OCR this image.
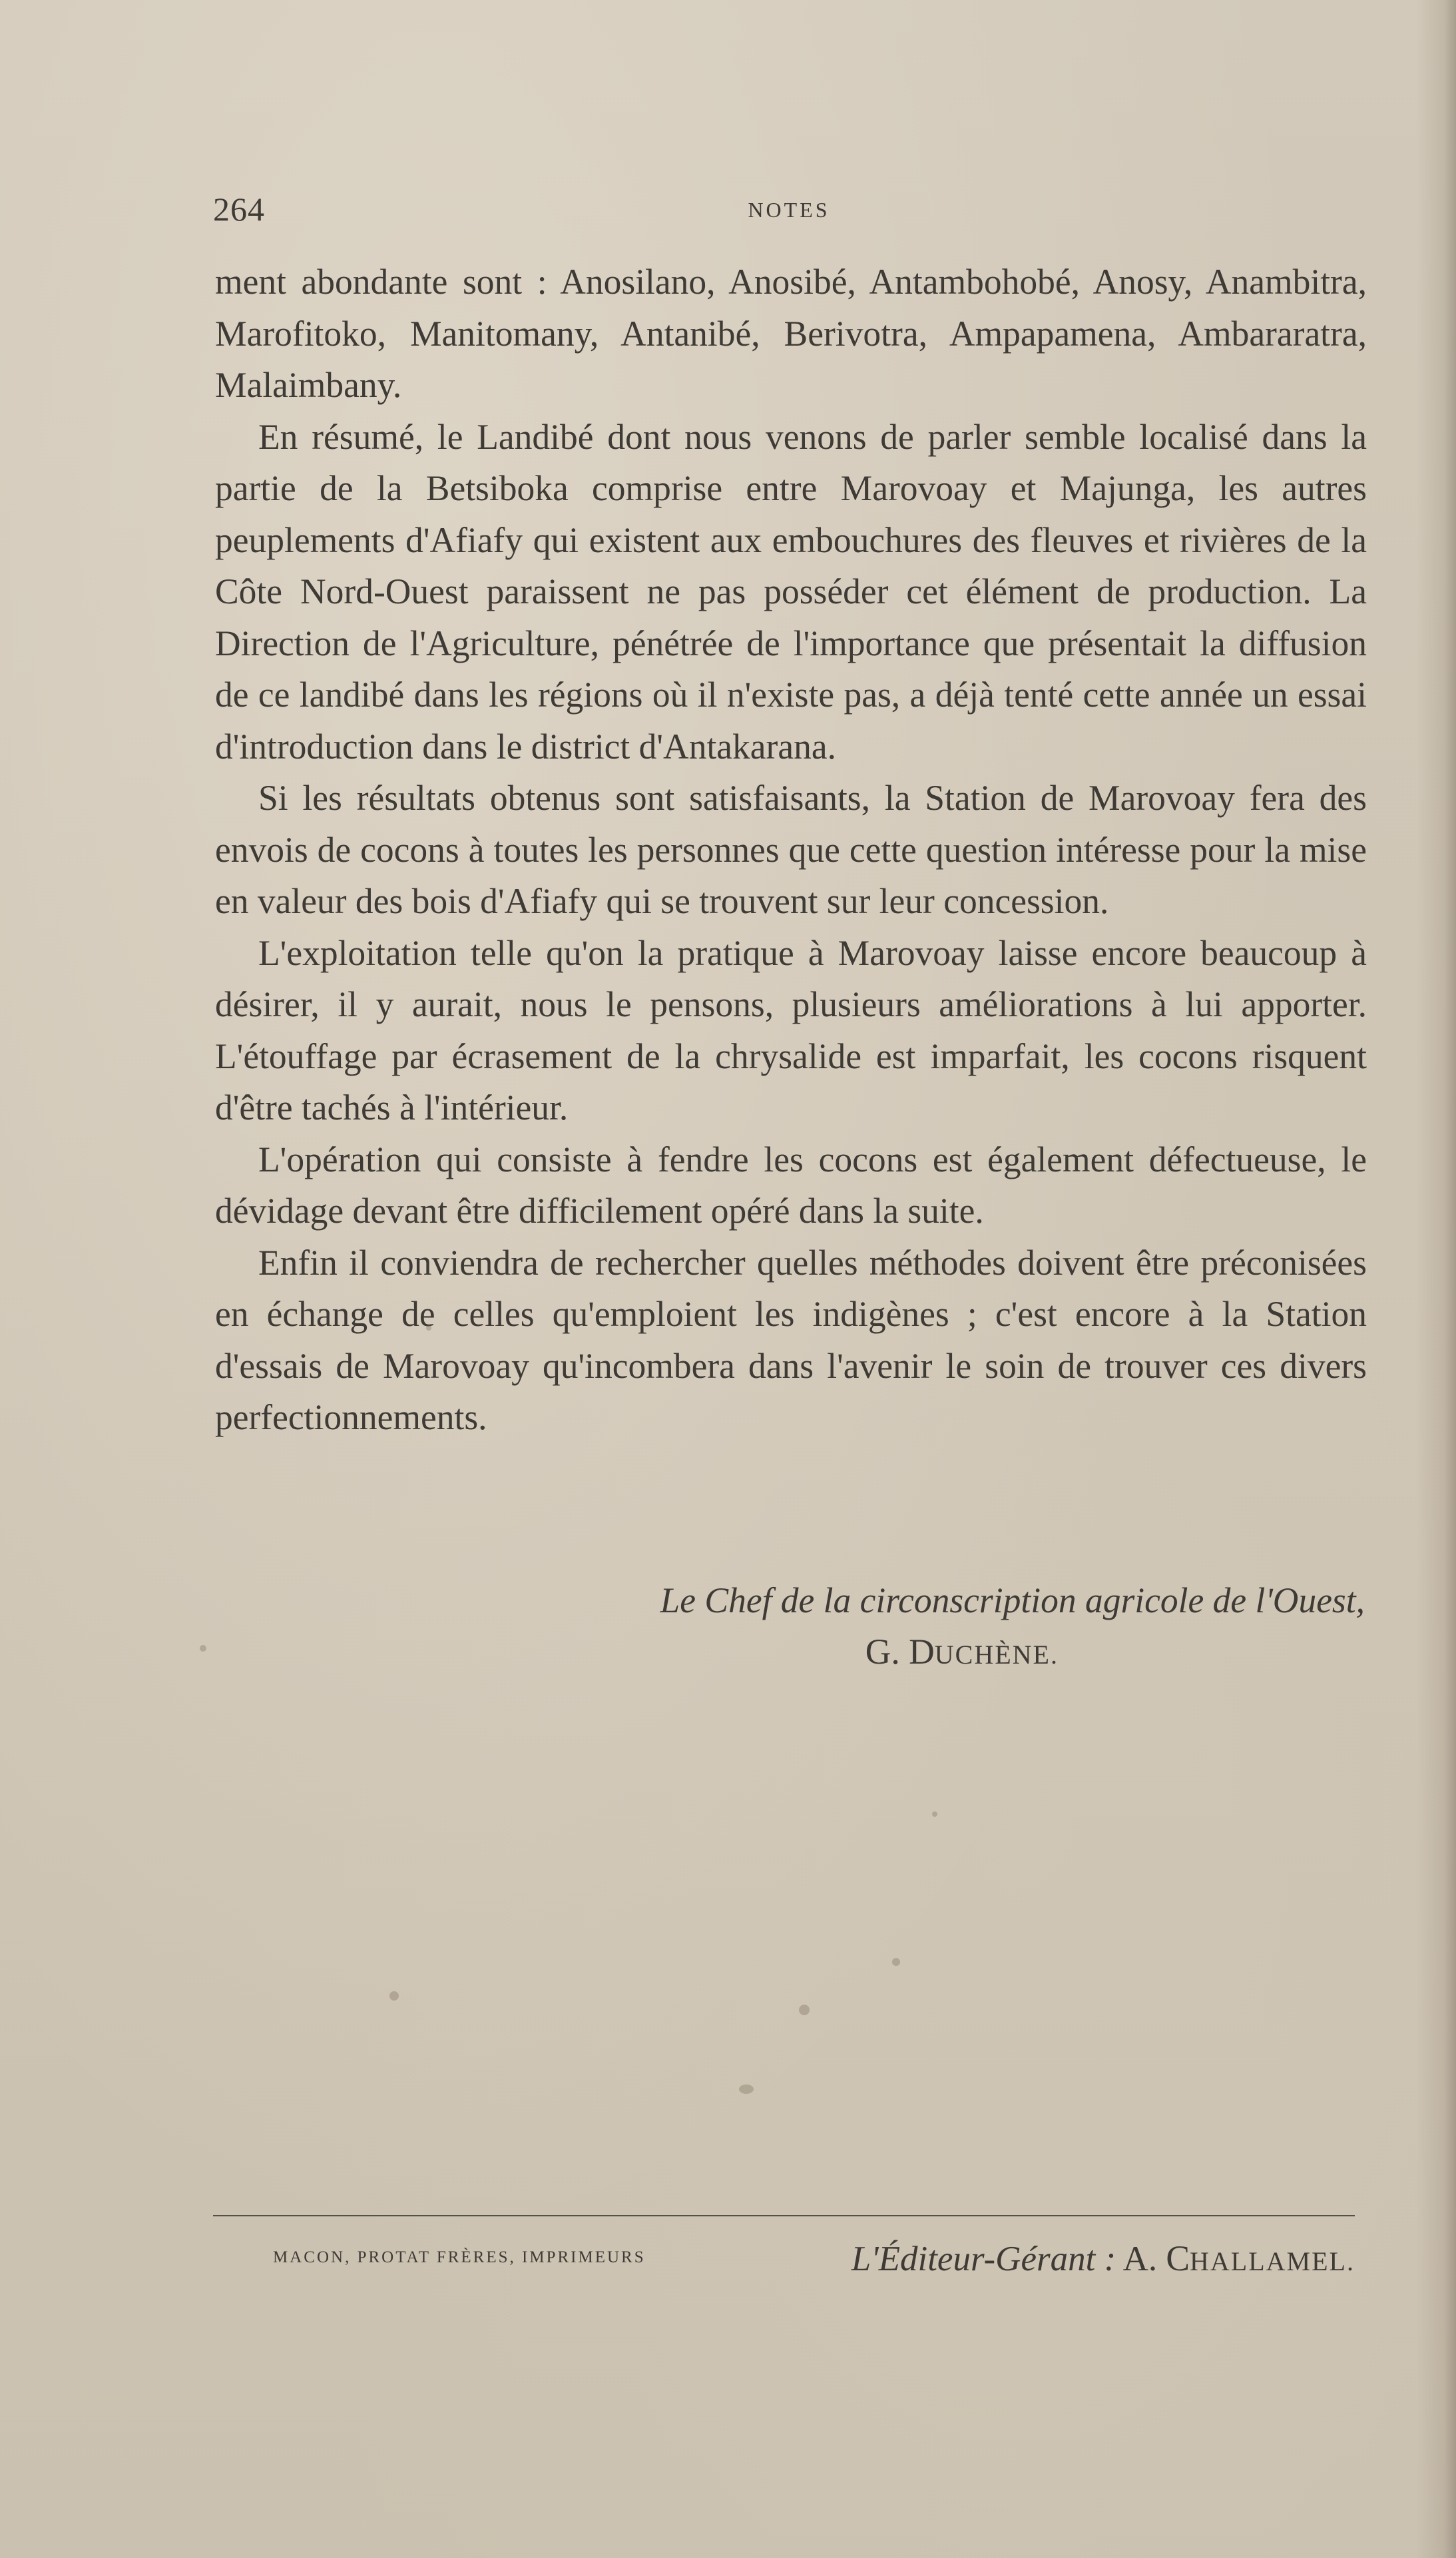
264	NOTES

ment abondante sont : Anosilano, Anosibé, Antambohobé, Anosy, Anambitra, Marofitoko, Manitomany, Antanibé, Berivotra, Ampapamena, Ambararatra, Malaimbany.

En résumé, le Landibé dont nous venons de parler semble localisé dans la partie de la Betsiboka comprise entre Marovoay et Majunga, les autres peuplements d'Afiafy qui existent aux embouchures des fleuves et rivières de la Côte Nord-Ouest paraissent ne pas posséder cet élément de production. La Direction de l'Agriculture, pénétrée de l'importance que présentait la diffusion de ce landibé dans les régions où il n'existe pas, a déjà tenté cette année un essai d'introduction dans le district d'Antakarana.

Si les résultats obtenus sont satisfaisants, la Station de Marovoay fera des envois de cocons à toutes les personnes que cette question intéresse pour la mise en valeur des bois d'Afiafy qui se trouvent sur leur concession.

L'exploitation telle qu'on la pratique à Marovoay laisse encore beaucoup à désirer, il y aurait, nous le pensons, plusieurs améliorations à lui apporter. L'étouffage par écrasement de la chrysalide est imparfait, les cocons risquent d'être tachés à l'intérieur.

L'opération qui consiste à fendre les cocons est également défectueuse, le dévidage devant être difficilement opéré dans la suite.

Enfin il conviendra de rechercher quelles méthodes doivent être préconisées en échange de celles qu'emploient les indigènes ; c'est encore à la Station d'essais de Marovoay qu'incombera dans l'avenir le soin de trouver ces divers perfectionnements.

Le Chef de la circonscription agricole de l'Ouest,
G. DUCHÈNE.
MACON, PROTAT FRÈRES, IMPRIMEURS	L'Éditeur-Gérant : A. CHALLAMEL.
